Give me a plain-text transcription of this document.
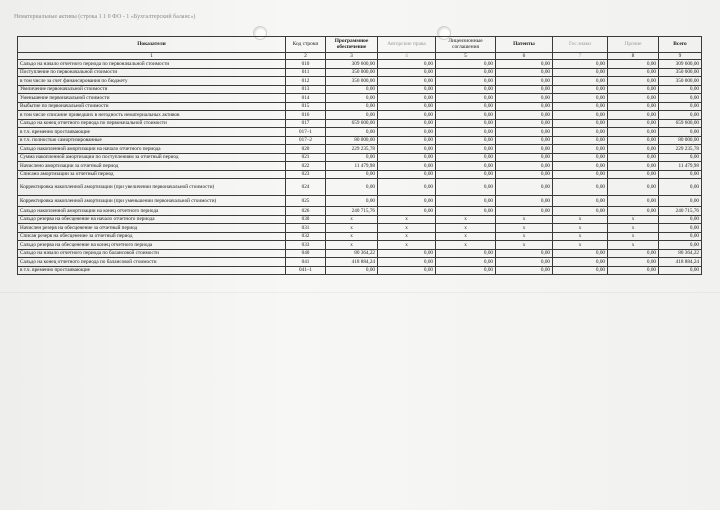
Нематериальные активы (строка 1 1 0 ФО - 1 «Бухгалтерский баланс»)
Показатели	Код строки	Программное обеспечение	Авторские права	Лицензионные соглашения	Патенты	Гос.знаки	Прочие	Всего
1	2	3	4	5	6	7	8	9
Сальдо на начало отчетного периода по первоначальной стоимости	010	309 600,00	0,00	0,00	0,00	0,00	0,00	309 600,00
Поступление по первоначальной стоимости	011	350 000,00	0,00	0,00	0,00	0,00	0,00	350 000,00
в том числе за счет финансирования по бюджету	012	350 000,00	0,00	0,00	0,00	0,00	0,00	350 000,00
Увеличение первоначальной стоимости	013	0,00	0,00	0,00	0,00	0,00	0,00	0,00
Уменьшение первоначальной стоимости	014	0,00	0,00	0,00	0,00	0,00	0,00	0,00
Выбытие по первоначальной стоимости	015	0,00	0,00	0,00	0,00	0,00	0,00	0,00
в том числе списание приведших в негодность нематериальных активов	016	0,00	0,00	0,00	0,00	0,00	0,00	0,00
Сальдо на конец отчетного периода по первоначальной стоимости	017	659 600,00	0,00	0,00	0,00	0,00	0,00	659 600,00
в т.ч. временно простаивающие	017–1	0,00	0,00	0,00	0,00	0,00	0,00	0,00
в т.ч. полностью самортизированные	017–2	80 000,00	0,00	0,00	0,00	0,00	0,00	80 000,00
Сальдо накопленной амортизации на начало отчетного периода	020	229 235,78	0,00	0,00	0,00	0,00	0,00	229 235,78
Сумма накопленной амортизации по поступлениям за отчетный период	021	0,00	0,00	0,00	0,00	0,00	0,00	0,00
Начислено амортизации за отчетный период	022	11 479,98	0,00	0,00	0,00	0,00	0,00	11 479,98
Списано амортизации за отчетный период	023	0,00	0,00	0,00	0,00	0,00	0,00	0,00
Корректировка накопленной амортизации (при увеличении первоначальной стоимости)	024	0,00	0,00	0,00	0,00	0,00	0,00	0,00
Корректировка накопленной амортизации (при уменьшении первоначальной стоимости)	025	0,00	0,00	0,00	0,00	0,00	0,00	0,00
Сальдо накопленной амортизации на конец отчетного периода	026	240 715,76	0,00	0,00	0,00	0,00	0,00	240 715,76
Сальдо резерва на обесценение на начало отчетного периода	030	x	x	x	x	x	x	0,00
Начислен резерв на обесценение за отчетный период	031	x	x	x	x	x	x	0,00
Списан резерв на обесценение за отчетный период	032	x	x	x	x	x	x	0,00
Сальдо резерва на обесценение на конец отчетного периода	033	x	x	x	x	x	x	0,00
Сальдо на начало отчетного периода по балансовой стоимости	040	80 364,22	0,00	0,00	0,00	0,00	0,00	80 364,22
Сальдо на конец отчетного периода по балансовой стоимости	041	418 884,24	0,00	0,00	0,00	0,00	0,00	418 884,24
в т.ч. временно простаивающие	041–1	0,00	0,00	0,00	0,00	0,00	0,00	0,00
